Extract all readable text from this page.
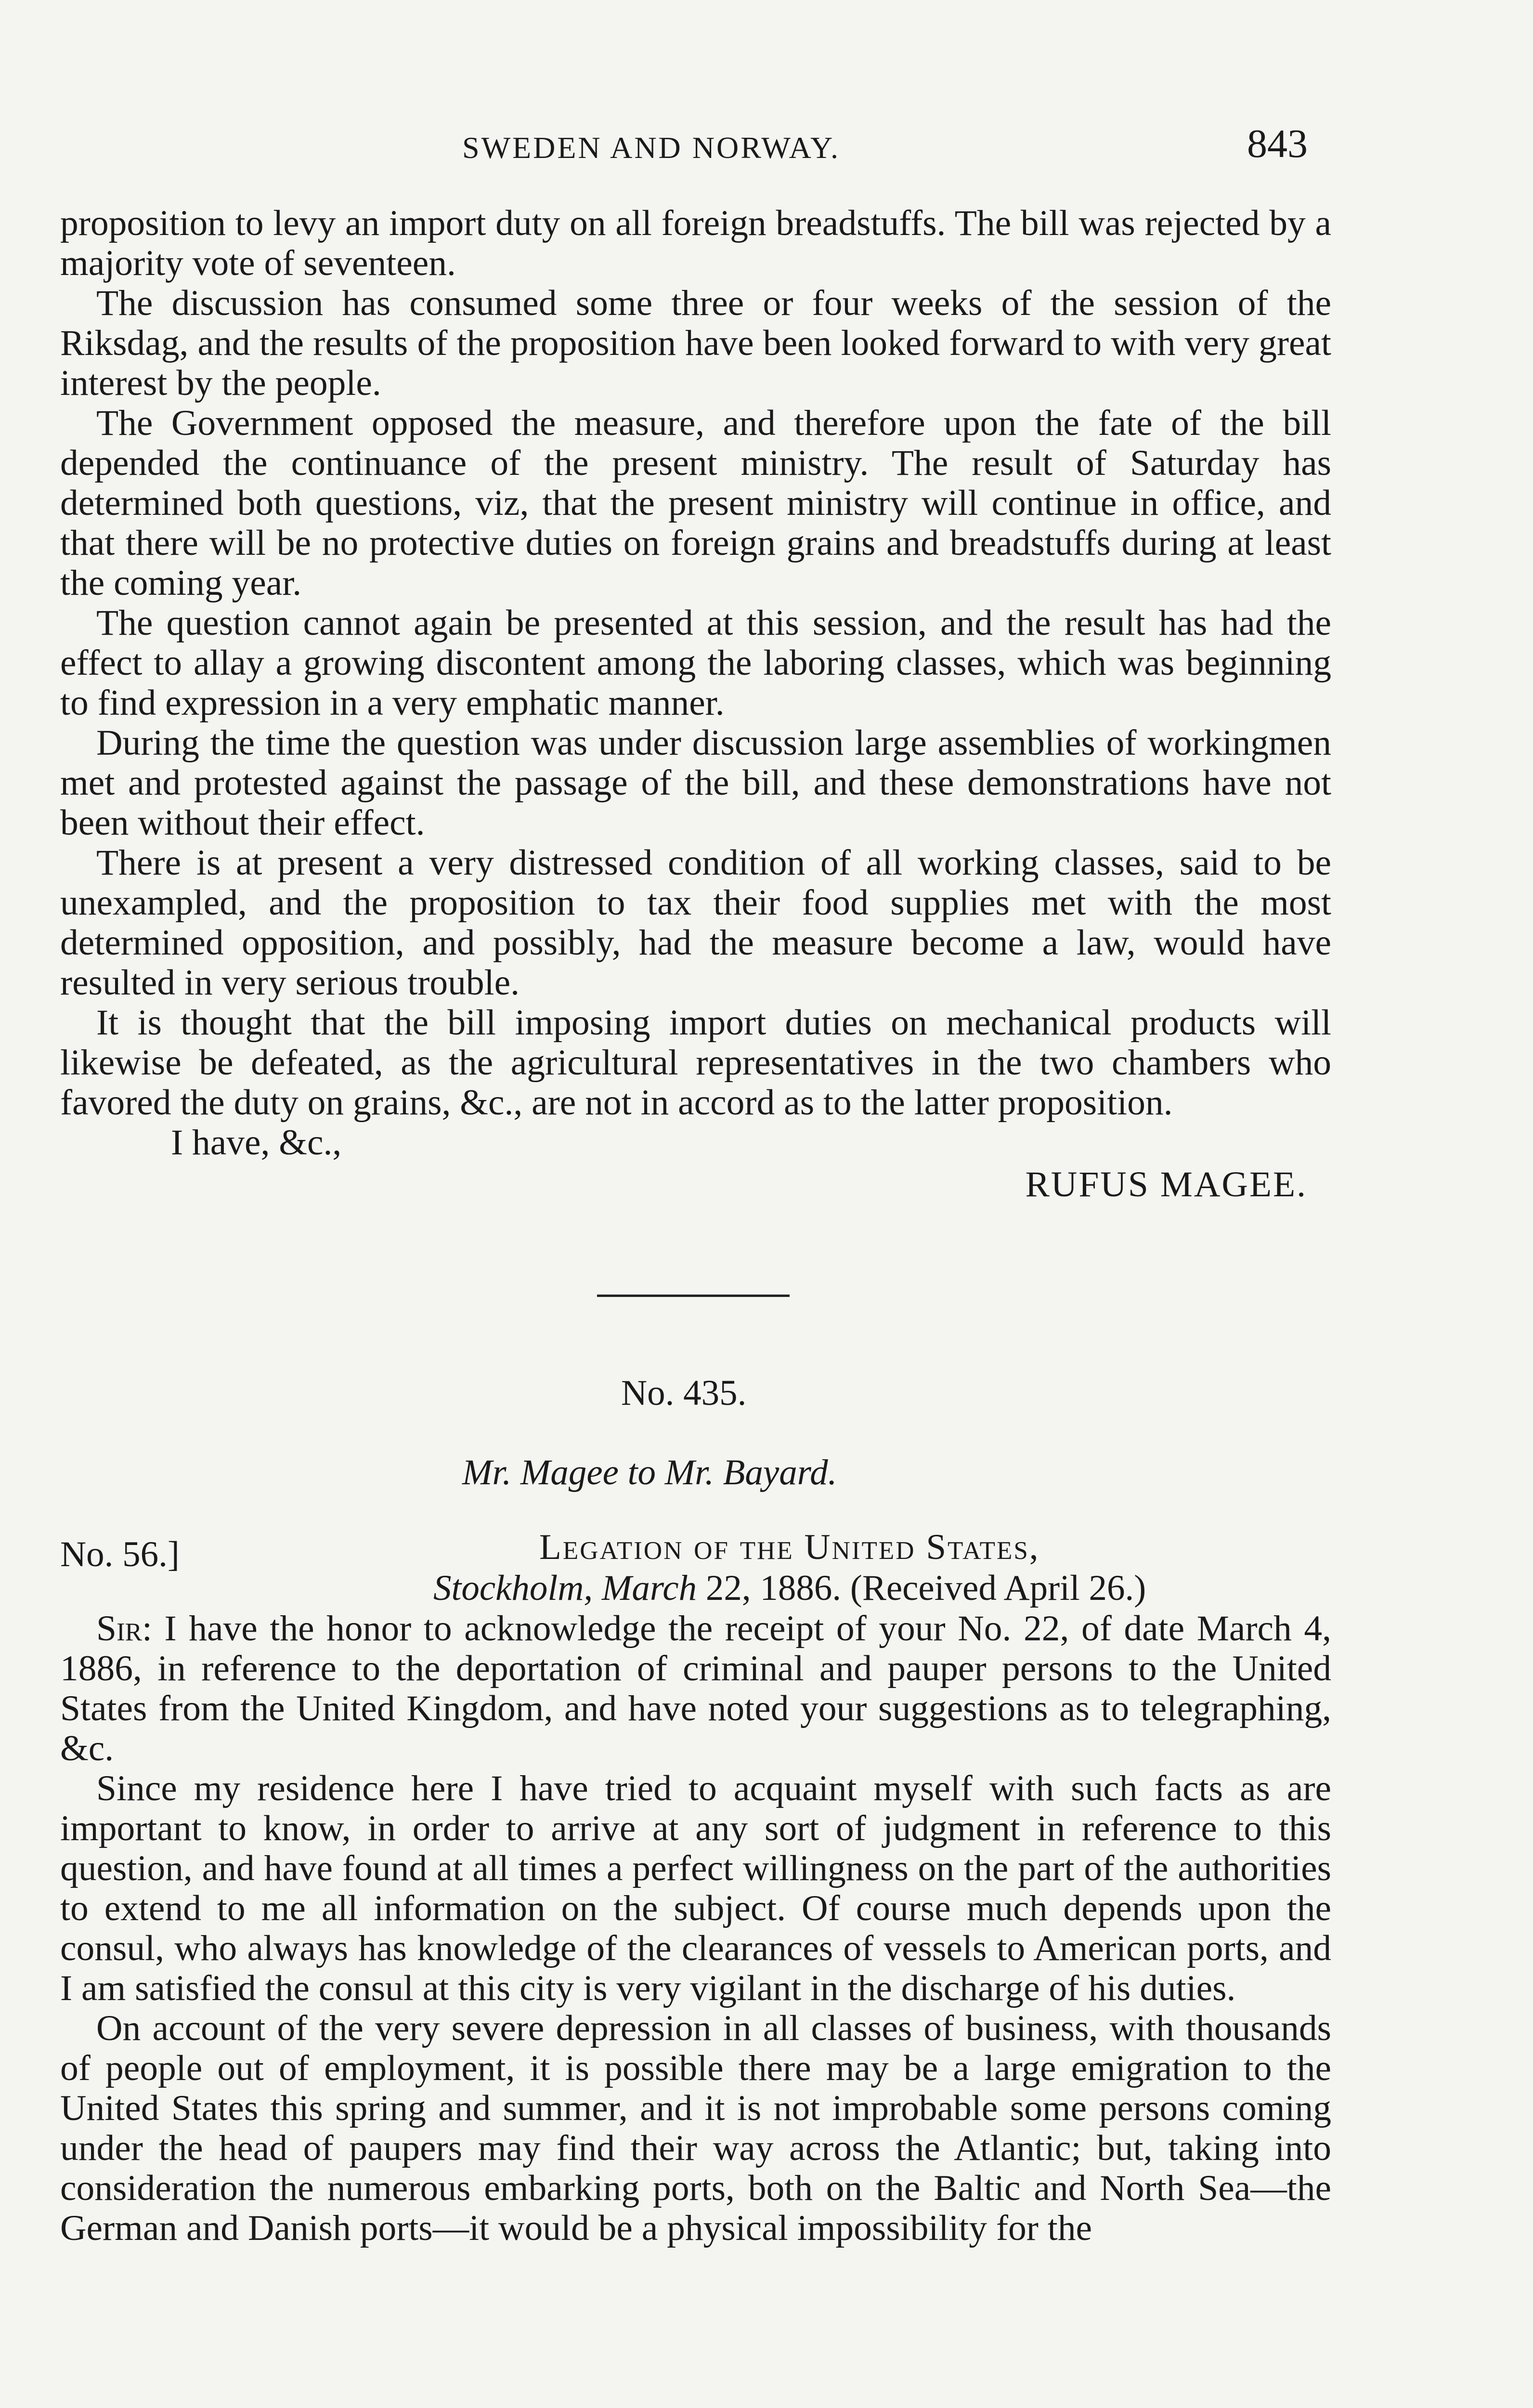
SWEDEN AND NORWAY.	843

proposition to levy an import duty on all foreign breadstuffs. The bill was rejected by a majority vote of seventeen.

The discussion has consumed some three or four weeks of the session of the Riksdag, and the results of the proposition have been looked forward to with very great interest by the people.

The Government opposed the measure, and therefore upon the fate of the bill depended the continuance of the present ministry. The result of Saturday has determined both questions, viz, that the present ministry will continue in office, and that there will be no protective duties on foreign grains and breadstuffs during at least the coming year.

The question cannot again be presented at this session, and the result has had the effect to allay a growing discontent among the laboring classes, which was beginning to find expression in a very emphatic manner.

During the time the question was under discussion large assemblies of workingmen met and protested against the passage of the bill, and these demonstrations have not been without their effect.

There is at present a very distressed condition of all working classes, said to be unexampled, and the proposition to tax their food supplies met with the most determined opposition, and possibly, had the measure become a law, would have resulted in very serious trouble.

It is thought that the bill imposing import duties on mechanical products will likewise be defeated, as the agricultural representatives in the two chambers who favored the duty on grains, &c., are not in accord as to the latter proposition.

I have, &c.,
RUFUS MAGEE.
No. 435.
Mr. Magee to Mr. Bayard.
No. 56.]	Legation of the United States,
Stockholm, March 22, 1886. (Received April 26.)

Sir: I have the honor to acknowledge the receipt of your No. 22, of date March 4, 1886, in reference to the deportation of criminal and pauper persons to the United States from the United Kingdom, and have noted your suggestions as to telegraphing, &c.

Since my residence here I have tried to acquaint myself with such facts as are important to know, in order to arrive at any sort of judgment in reference to this question, and have found at all times a perfect willingness on the part of the authorities to extend to me all information on the subject. Of course much depends upon the consul, who always has knowledge of the clearances of vessels to American ports, and I am satisfied the consul at this city is very vigilant in the discharge of his duties.

On account of the very severe depression in all classes of business, with thousands of people out of employment, it is possible there may be a large emigration to the United States this spring and summer, and it is not improbable some persons coming under the head of paupers may find their way across the Atlantic; but, taking into consideration the numerous embarking ports, both on the Baltic and North Sea—the German and Danish ports—it would be a physical impossibility for the
